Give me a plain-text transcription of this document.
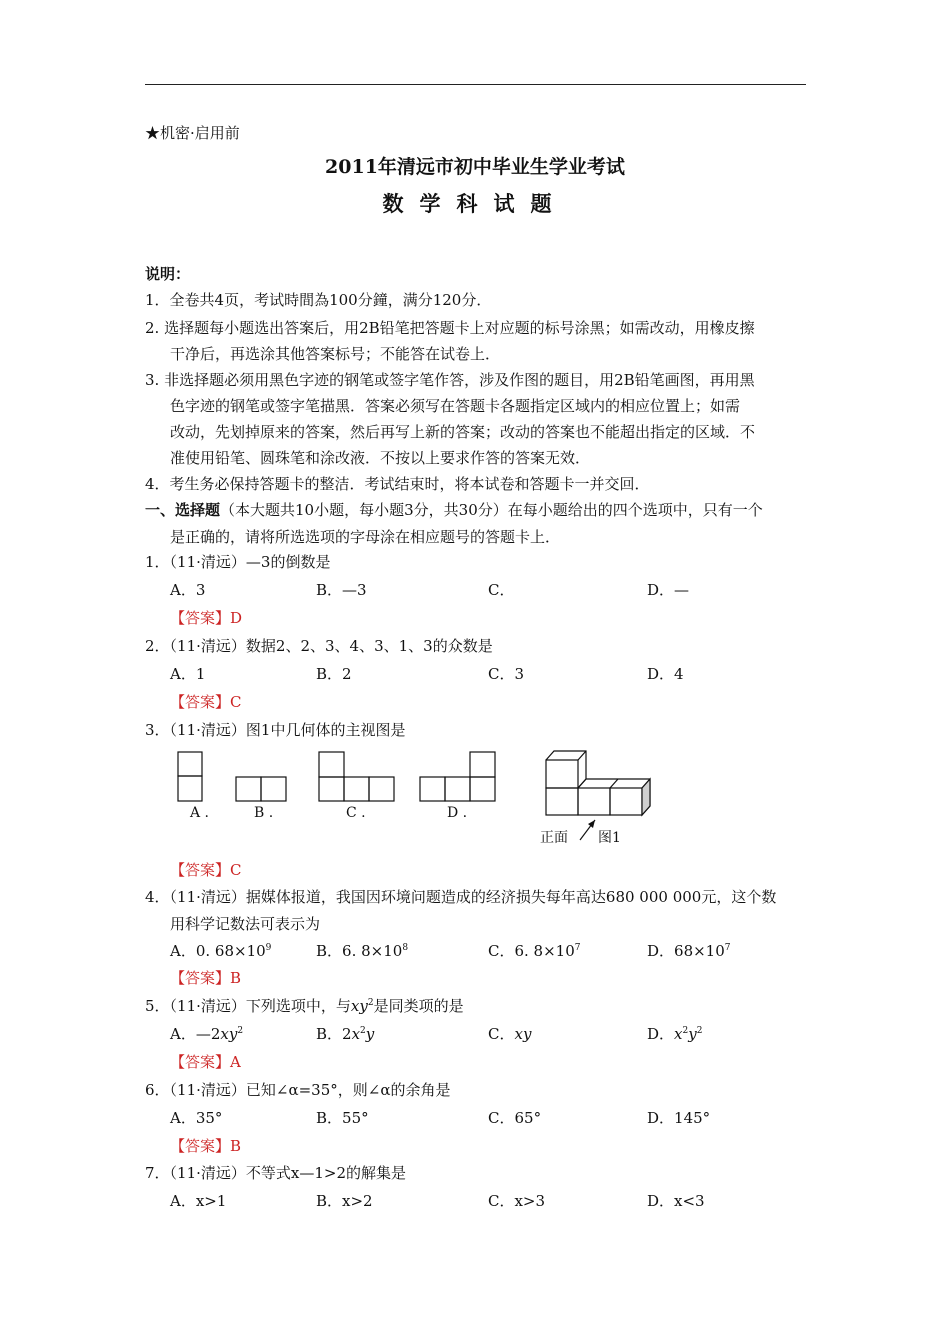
★机密·启用前
2011年清远市初中毕业生学业考试
数学科试题
说明：
1．全卷共4页，考试時間為100分鐘，满分120分．
2. 选择题每小题选出答案后，用2B铅笔把答题卡上对应题的标号涂黑；如需改动，用橡皮擦
干净后，再选涂其他答案标号；不能答在试卷上．
3. 非选择题必须用黑色字迹的钢笔或签字笔作答，涉及作图的题目，用2B铅笔画图，再用黑
色字迹的钢笔或签字笔描黑．答案必须写在答题卡各题指定区域内的相应位置上；如需
改动，先划掉原来的答案，然后再写上新的答案；改动的答案也不能超出指定的区域．不
准使用铅笔、圆珠笔和涂改液．不按以上要求作答的答案无效．
4．考生务必保持答题卡的整洁．考试结束时，将本试卷和答题卡一并交回．
一、选择题（本大题共10小题，每小题3分，共30分）在每小题给出的四个选项中，只有一个
是正确的，请将所选选项的字母涂在相应题号的答题卡上．
1．（11·清远）—3的倒数是
A．3	B．—3	C．	D．—
【答案】D
2．（11·清远）数据2、2、3、4、3、1、3的众数是
A．1	B．2	C．3	D．4
【答案】C
3．（11·清远）图1中几何体的主视图是
A .	B .	C .	D .
正面 图1
【答案】C
4．（11·清远）据媒体报道，我国因环境问题造成的经济损失每年高达680 000 000元，这个数
用科学记数法可表示为
A．0. $68\times 10^9$	B．6. $8\times 10^8$	C．6. $8\times 10^7$	D．$68\times 10^7$
【答案】B
5．（11·清远）下列选项中，与$xy^2$是同类项的是
A．$—2xy^2$	B．$2x^2y$	C．xy	D．$x^2y^2$
【答案】A
6．（11·清远）已知∠α=35°，则∠α的余角是
A．35°	B．55°	C．65°	D．145°
【答案】B
7．（11·清远）不等式x—1>2的解集是
A．x>1	B．x>2	C．x>3	D．x<3
